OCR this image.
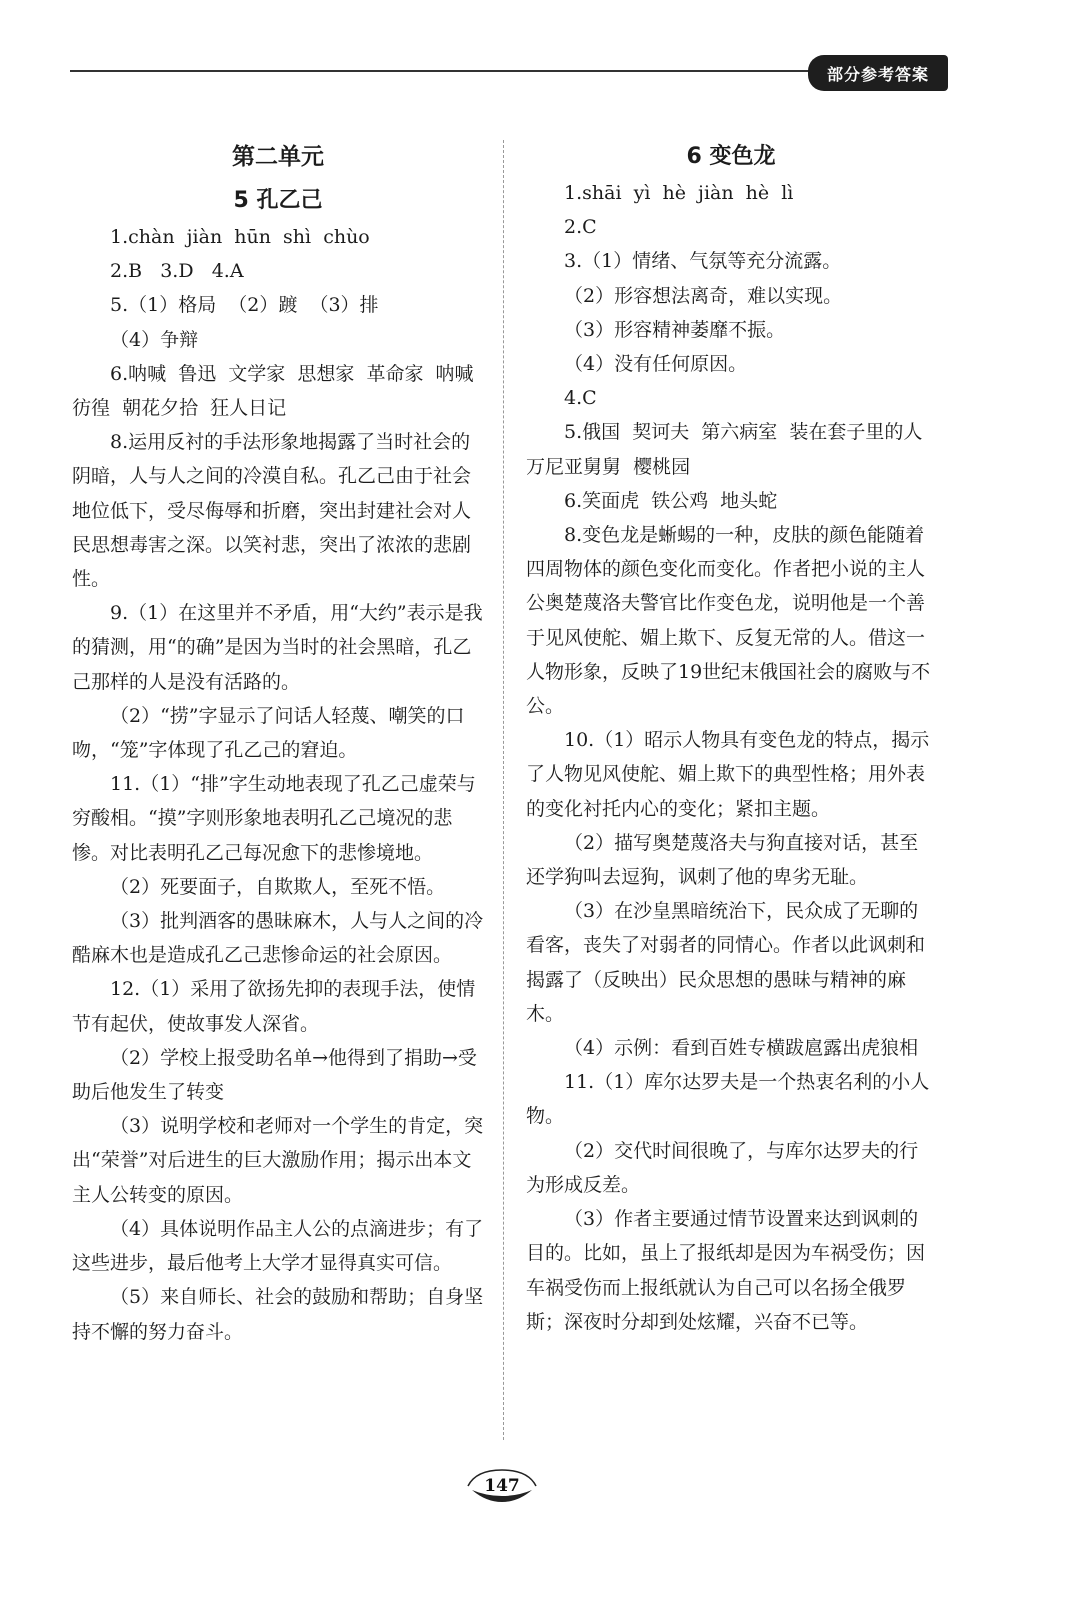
部分参考答案
第二单元
5 孔乙己

1.chàn  jiàn  hūn  shì  chùo

2.B   3.D   4.A

5.（1）格局  （2）踱  （3）排

（4）争辩

6.呐喊  鲁迅  文学家  思想家  革命家  呐喊  彷徨  朝花夕拾  狂人日记

8.运用反衬的手法形象地揭露了当时社会的阴暗，人与人之间的冷漠自私。孔乙己由于社会地位低下，受尽侮辱和折磨，突出封建社会对人民思想毒害之深。以笑衬悲，突出了浓浓的悲剧性。

9.（1）在这里并不矛盾，用“大约”表示是我的猜测，用“的确”是因为当时的社会黑暗，孔乙己那样的人是没有活路的。

（2）“捞”字显示了问话人轻蔑、嘲笑的口吻，“笼”字体现了孔乙己的窘迫。

11.（1）“排”字生动地表现了孔乙己虚荣与穷酸相。“摸”字则形象地表明孔乙己境况的悲惨。对比表明孔乙己每况愈下的悲惨境地。

（2）死要面子，自欺欺人，至死不悟。

（3）批判酒客的愚昧麻木，人与人之间的冷酷麻木也是造成孔乙己悲惨命运的社会原因。

12.（1）采用了欲扬先抑的表现手法，使情节有起伏，使故事发人深省。

（2）学校上报受助名单→他得到了捐助→受助后他发生了转变

（3）说明学校和老师对一个学生的肯定，突出“荣誉”对后进生的巨大激励作用；揭示出本文主人公转变的原因。

（4）具体说明作品主人公的点滴进步；有了这些进步，最后他考上大学才显得真实可信。

（5）来自师长、社会的鼓励和帮助；自身坚持不懈的努力奋斗。

6 变色龙

1.shāi  yì  hè  jiàn  hè  lì

2.C

3.（1）情绪、气氛等充分流露。

（2）形容想法离奇，难以实现。

（3）形容精神萎靡不振。

（4）没有任何原因。

4.C

5.俄国  契诃夫  第六病室  装在套子里的人  万尼亚舅舅  樱桃园

6.笑面虎  铁公鸡  地头蛇

8.变色龙是蜥蜴的一种，皮肤的颜色能随着四周物体的颜色变化而变化。作者把小说的主人公奥楚蔑洛夫警官比作变色龙，说明他是一个善于见风使舵、媚上欺下、反复无常的人。借这一人物形象，反映了19世纪末俄国社会的腐败与不公。

10.（1）昭示人物具有变色龙的特点，揭示了人物见风使舵、媚上欺下的典型性格；用外表的变化衬托内心的变化；紧扣主题。

（2）描写奥楚蔑洛夫与狗直接对话，甚至还学狗叫去逗狗，讽刺了他的卑劣无耻。

（3）在沙皇黑暗统治下，民众成了无聊的看客，丧失了对弱者的同情心。作者以此讽刺和揭露了（反映出）民众思想的愚昧与精神的麻木。

（4）示例：看到百姓专横跋扈露出虎狼相

11.（1）库尔达罗夫是一个热衷名利的小人物。

（2）交代时间很晚了，与库尔达罗夫的行为形成反差。

（3）作者主要通过情节设置来达到讽刺的目的。比如，虽上了报纸却是因为车祸受伤；因车祸受伤而上报纸就认为自己可以名扬全俄罗斯；深夜时分却到处炫耀，兴奋不已等。

147
